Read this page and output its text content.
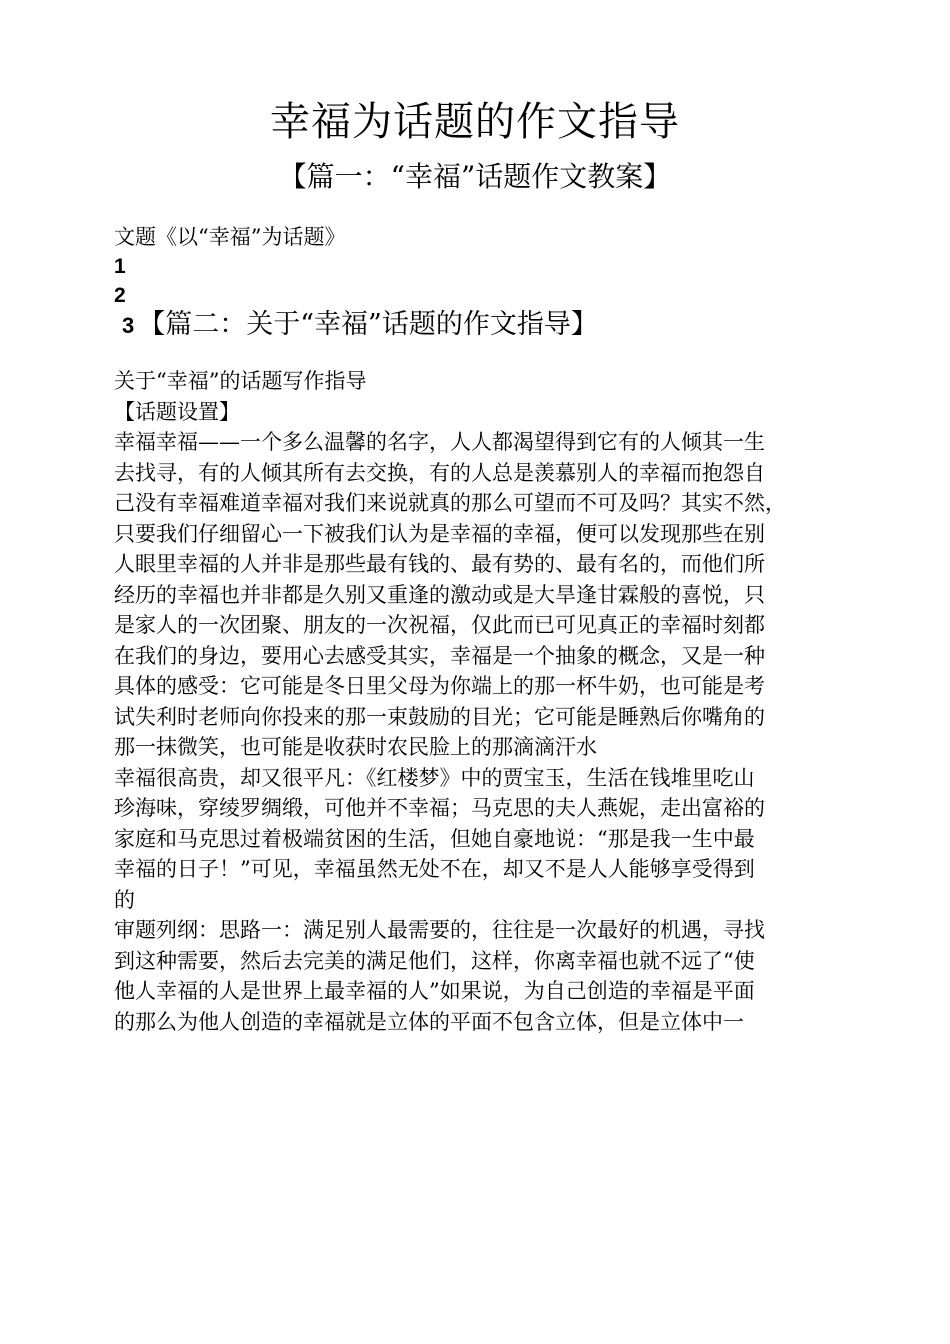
幸福为话题的作文指导
【篇一：“幸福”话题作文教案】
文题《以“幸福”为话题》
1
2
3 【篇二：关于“幸福”话题的作文指导】
关于“幸福”的话题写作指导
【话题设置】
幸福幸福——一个多么温馨的名字，人人都渴望得到它有的人倾其一生
去找寻，有的人倾其所有去交换，有的人总是羡慕别人的幸福而抱怨自
己没有幸福难道幸福对我们来说就真的那么可望而不可及吗？其实不然，
只要我们仔细留心一下被我们认为是幸福的幸福，便可以发现那些在别
人眼里幸福的人并非是那些最有钱的、最有势的、最有名的，而他们所
经历的幸福也并非都是久别又重逢的激动或是大旱逢甘霖般的喜悦，只
是家人的一次团聚、朋友的一次祝福，仅此而已可见真正的幸福时刻都
在我们的身边，要用心去感受其实，幸福是一个抽象的概念，又是一种
具体的感受：它可能是冬日里父母为你端上的那一杯牛奶，也可能是考
试失利时老师向你投来的那一束鼓励的目光；它可能是睡熟后你嘴角的
那一抹微笑，也可能是收获时农民脸上的那滴滴汗水
幸福很高贵，却又很平凡：《红楼梦》中的贾宝玉，生活在钱堆里吃山
珍海味，穿绫罗绸缎，可他并不幸福；马克思的夫人燕妮，走出富裕的
家庭和马克思过着极端贫困的生活，但她自豪地说：“那是我一生中最
幸福的日子！”可见，幸福虽然无处不在，却又不是人人能够享受得到
的
审题列纲：思路一：满足别人最需要的，往往是一次最好的机遇，寻找
到这种需要，然后去完美的满足他们，这样，你离幸福也就不远了“使
他人幸福的人是世界上最幸福的人”如果说，为自己创造的幸福是平面
的那么为他人创造的幸福就是立体的平面不包含立体，但是立体中一
